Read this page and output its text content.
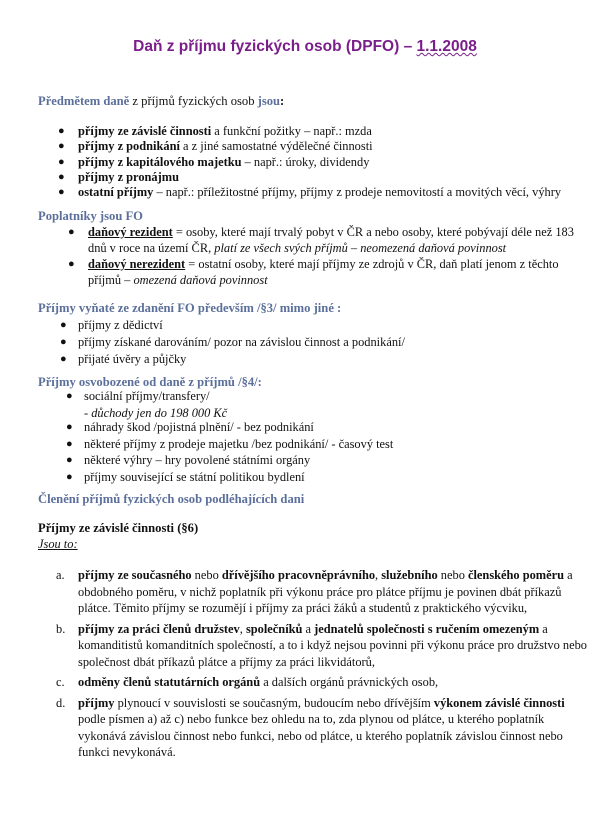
Daň z příjmu fyzických osob (DPFO) – 1.1.2008
Předmětem daně z příjmů fyzických osob jsou:
● příjmy ze závislé činnosti a funkční požitky – např.: mzda
● příjmy z podnikání a z jiné samostatné výdělečné činnosti
● příjmy z kapitálového majetku – např.: úroky, dividendy
● příjmy z pronájmu
● ostatní příjmy – např.: příležitostné příjmy, příjmy z prodeje nemovitostí a movitých věcí, výhry
Poplatníky jsou FO
● daňový rezident = osoby, které mají trvalý pobyt v ČR a nebo osoby, které pobývají déle než 183 dnů v roce na území ČR, platí ze všech svých příjmů – neomezená daňová povinnost
● daňový nerezident = ostatní osoby, které mají příjmy ze zdrojů v ČR, daň platí jenom z těchto příjmů – omezená daňová povinnost
Příjmy vyňaté ze zdanění FO především /§3/ mimo jiné :
● příjmy z dědictví
● příjmy získané darováním/ pozor na závislou činnost a podnikání/
● přijaté úvěry a půjčky
Příjmy osvobozené od daně z příjmů /§4/:
● sociální příjmy/transfery/
- důchody jen do 198 000 Kč
● náhrady škod /pojistná plnění/ - bez podnikání
● některé příjmy z prodeje majetku /bez podnikání/ - časový test
● některé výhry – hry povolené státními orgány
● příjmy související se státní politikou bydlení
Členění příjmů fyzických osob podléhajících dani
Příjmy ze závislé činnosti (§6)
Jsou to:
a. příjmy ze současného nebo dřívějšího pracovněprávního, služebního nebo členského poměru a obdobného poměru, v nichž poplatník při výkonu práce pro plátce příjmu je povinen dbát příkazů plátce. Těmito příjmy se rozumějí i příjmy za práci žáků a studentů z praktického výcviku,
b. příjmy za práci členů družstev, společníků a jednatelů společnosti s ručením omezeným a komanditistů komanditních společností, a to i když nejsou povinni při výkonu práce pro družstvo nebo společnost dbát příkazů plátce a příjmy za práci likvidátorů,
c. odměny členů statutárních orgánů a dalších orgánů právnických osob,
d. příjmy plynoucí v souvislosti se současným, budoucím nebo dřívějším výkonem závislé činnosti podle písmen a) až c) nebo funkce bez ohledu na to, zda plynou od plátce, u kterého poplatník vykonává závislou činnost nebo funkci, nebo od plátce, u kterého poplatník závislou činnost nebo funkci nevykonává.
